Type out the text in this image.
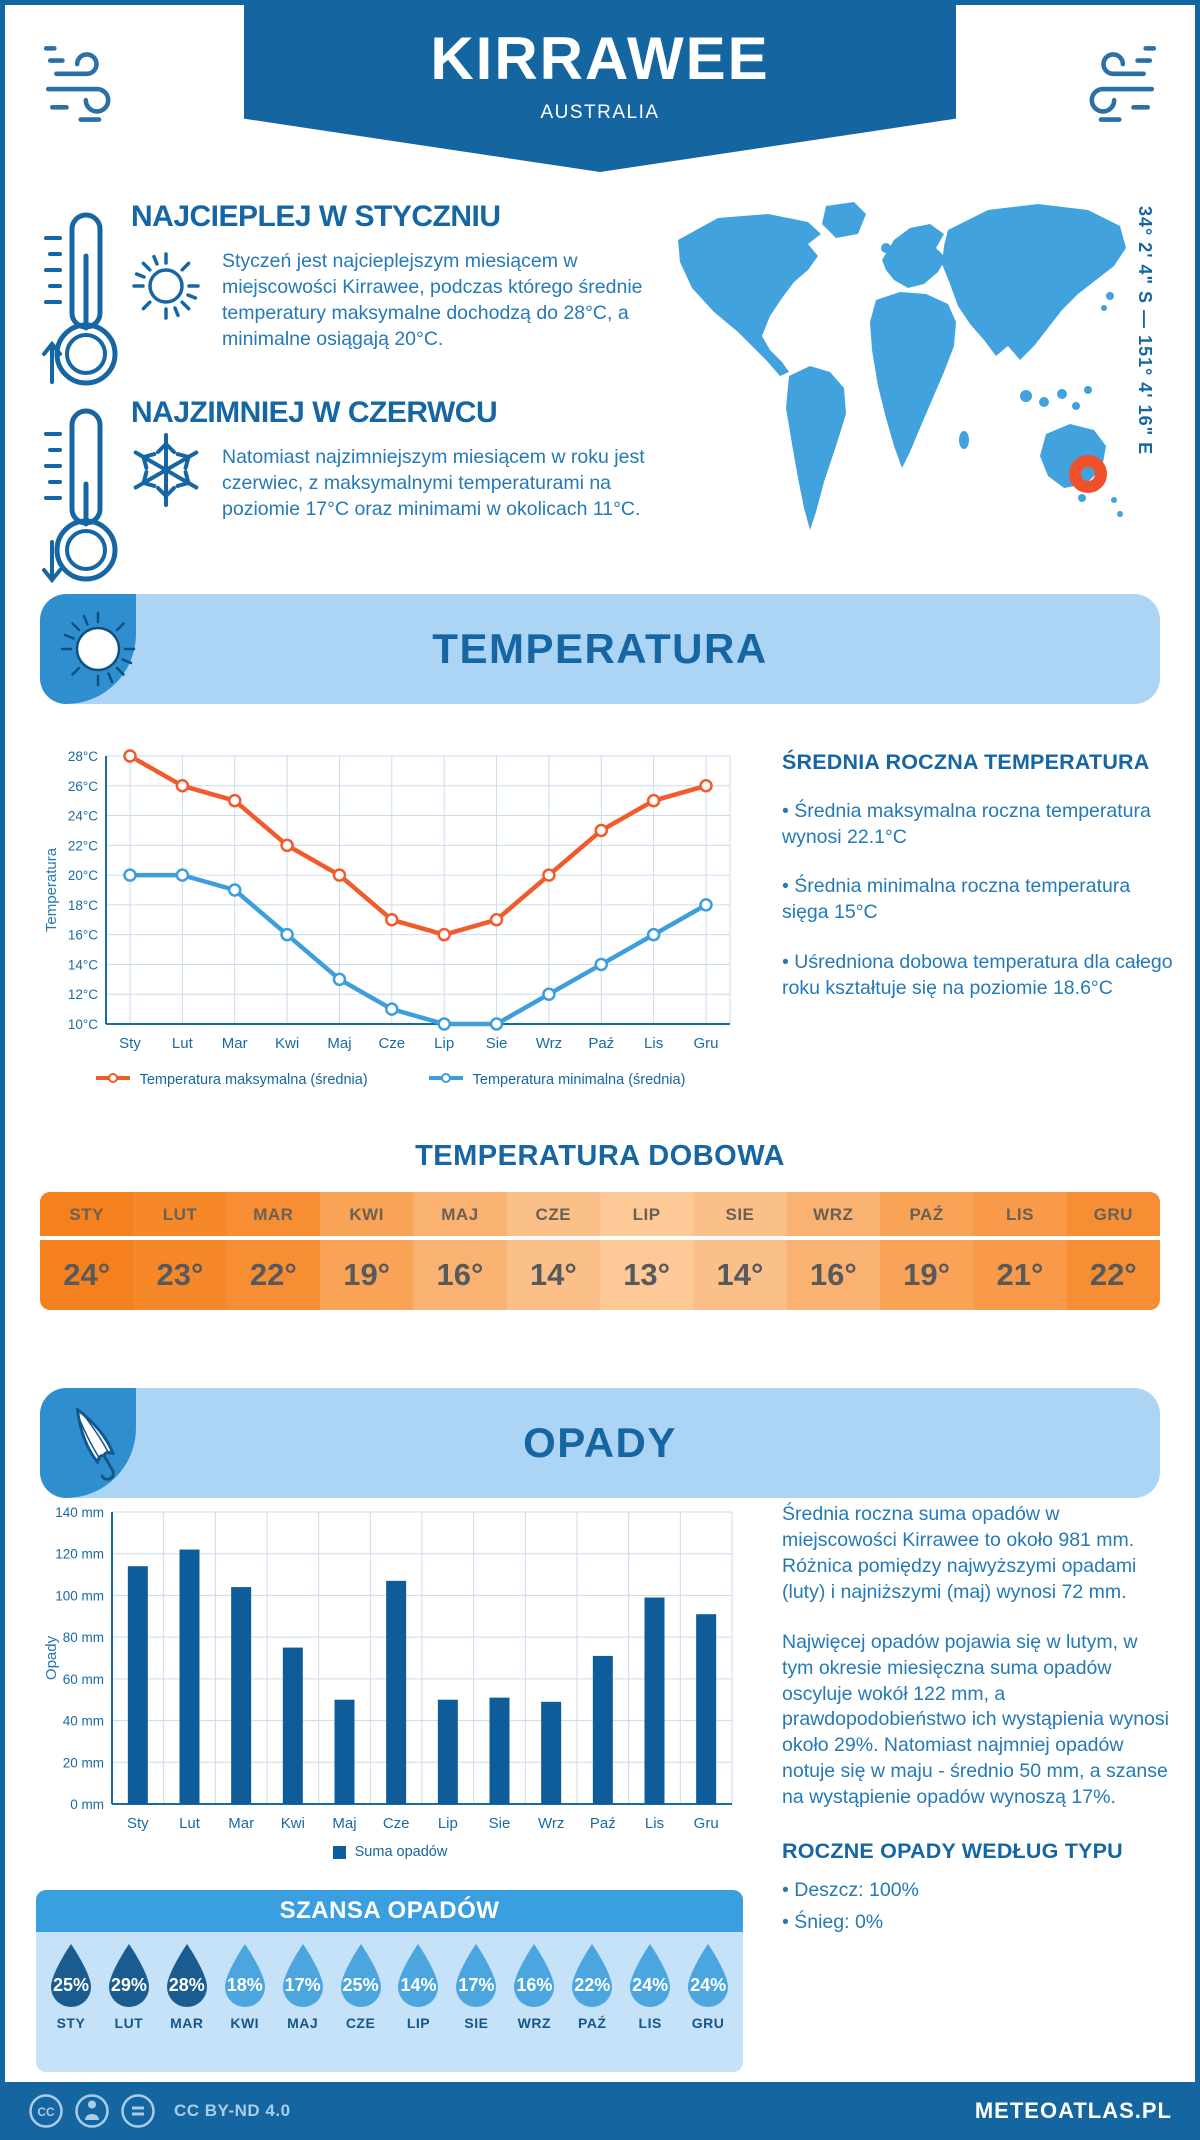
KIRRAWEE
AUSTRALIA
NAJCIEPLEJ W STYCZNIU
Styczeń jest najcieplejszym miesiącem w miejscowości Kirrawee, podczas którego średnie temperatury maksymalne dochodzą do 28°C, a minimalne osiągają 20°C.
NAJZIMNIEJ W CZERWCU
Natomiast najzimniejszym miesiącem w roku jest czerwiec, z maksymalnymi temperaturami na poziomie 17°C oraz minimami w okolicach 11°C.
34° 2' 4" S — 151° 4' 16" E
TEMPERATURA
10°C
12°C
14°C
16°C
18°C
20°C
22°C
24°C
26°C
28°C
Sty Lut Mar Kwi Maj Cze Lip Sie Wrz Paź Lis Gru
Temperatura
ŚREDNIA ROCZNA TEMPERATURA

• Średnia maksymalna roczna temperatura wynosi 22.1°C

• Średnia minimalna roczna temperatura sięga 15°C

• Uśredniona dobowa temperatura dla całego roku kształtuje się na poziomie 18.6°C

Temperatura maksymalna (średnia)	Temperatura minimalna (średnia)
TEMPERATURA DOBOWA
STY
24°
LUT
23°
MAR
22°
KWI
19°
MAJ
16°
CZE
14°
LIP
13°
SIE
14°
WRZ
16°
PAŹ
19°
LIS
21°
GRU
22°
OPADY
0 mm
20 mm
40 mm
60 mm
80 mm
100 mm
120 mm
140 mm
Sty Lut Mar Kwi Maj Cze Lip Sie Wrz Paź Lis Gru
Opady

Średnia roczna suma opadów w miejscowości Kirrawee to około 981 mm. Różnica pomiędzy najwyższymi opadami (luty) i najniższymi (maj) wynosi 72 mm.

Najwięcej opadów pojawia się w lutym, w tym okresie miesięczna suma opadów oscyluje wokół 122 mm, a prawdopodobieństwo ich wystąpienia wynosi około 29%. Natomiast najmniej opadów notuje się w maju - średnio 50 mm, a szanse na wystąpienie opadów wynoszą 17%.

ROCZNE OPADY WEDŁUG TYPU

• Deszcz: 100%

• Śnieg: 0%

Suma opadów
SZANSA OPADÓW
25%
STY
29%
LUT
28%
MAR
18%
KWI
17%
MAJ
25%
CZE
14%
LIP
17%
SIE
16%
WRZ
22%
PAŹ
24%
LIS
24%
GRU
CC	CC BY-ND 4.0	METEOATLAS.PL
